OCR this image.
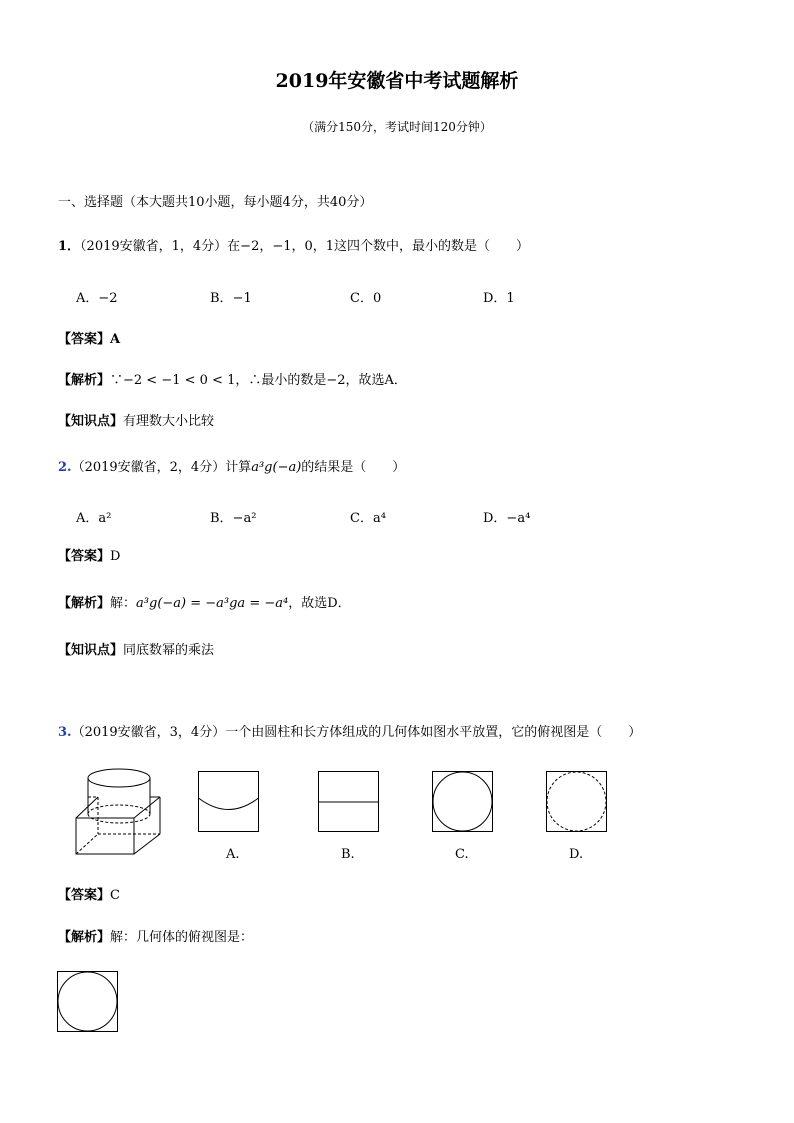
2019年安徽省中考试题解析
（满分150分，考试时间120分钟）
一、选择题（本大题共10小题，每小题4分，共40分）
1．（2019安徽省，1，4分）在−2，−1，0，1这四个数中，最小的数是（　　）
A．−2	B．−1	C．0	D．1
【答案】A
【解析】∵−2 < −1 < 0 < 1，∴最小的数是−2，故选A．
【知识点】有理数大小比较
2.（2019安徽省，2，4分）计算a³g(−a)的结果是（　　）
A．a²	B．−a²	C．a⁴	D．−a⁴
【答案】D
【解析】解：a³g(−a) = −a³ga = −a⁴，故选D．
【知识点】同底数幂的乘法
3.（2019安徽省，3，4分）一个由圆柱和长方体组成的几何体如图水平放置，它的俯视图是（　　）
A.	B.	C.	D.
【答案】C
【解析】解：几何体的俯视图是：
